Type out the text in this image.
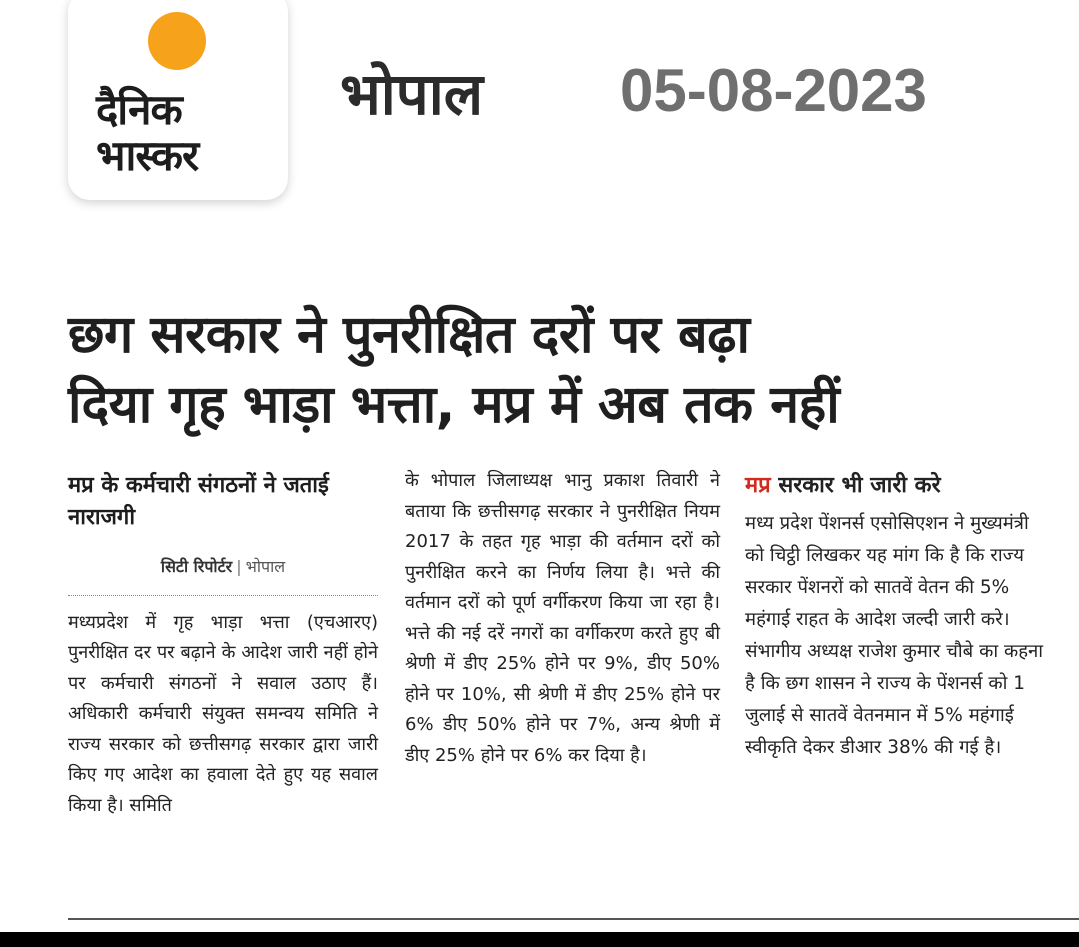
दैनिक
भास्कर
भोपाल 05-08-2023
छग सरकार ने पुनरीक्षित दरों पर बढ़ा
दिया गृह भाड़ा भत्ता, मप्र में अब तक नहीं
मप्र के कर्मचारी संगठनों ने जताई नाराजगी
सिटी रिपोर्टर | भोपाल
मध्यप्रदेश में गृह भाड़ा भत्ता (एचआरए) पुनरीक्षित दर पर बढ़ाने के आदेश जारी नहीं होने पर कर्मचारी संगठनों ने सवाल उठाए हैं। अधिकारी कर्मचारी संयुक्त समन्वय समिति ने राज्य सरकार को छत्तीसगढ़ सरकार द्वारा जारी किए गए आदेश का हवाला देते हुए यह सवाल किया है। समिति
के भोपाल जिलाध्यक्ष भानु प्रकाश तिवारी ने बताया कि छत्तीसगढ़ सरकार ने पुनरीक्षित नियम 2017 के तहत गृह भाड़ा की वर्तमान दरों को पुनरीक्षित करने का निर्णय लिया है। भत्ते की वर्तमान दरों को पूर्ण वर्गीकरण किया जा रहा है। भत्ते की नई दरें नगरों का वर्गीकरण करते हुए बी श्रेणी में डीए 25% होने पर 9%, डीए 50% होने पर 10%, सी श्रेणी में डीए 25% होने पर 6% डीए 50% होने पर 7%, अन्य श्रेणी में डीए 25% होने पर 6% कर दिया है।
मप्र सरकार भी जारी करे
मध्य प्रदेश पेंशनर्स एसोसिएशन ने मुख्यमंत्री को चिट्ठी लिखकर यह मांग कि है कि राज्य सरकार पेंशनरों को सातवें वेतन की 5% महंगाई राहत के आदेश जल्दी जारी करे। संभागीय अध्यक्ष राजेश कुमार चौबे का कहना है कि छग शासन ने राज्य के पेंशनर्स को 1 जुलाई से सातवें वेतनमान में 5% महंगाई स्वीकृति देकर डीआर 38% की गई है।
